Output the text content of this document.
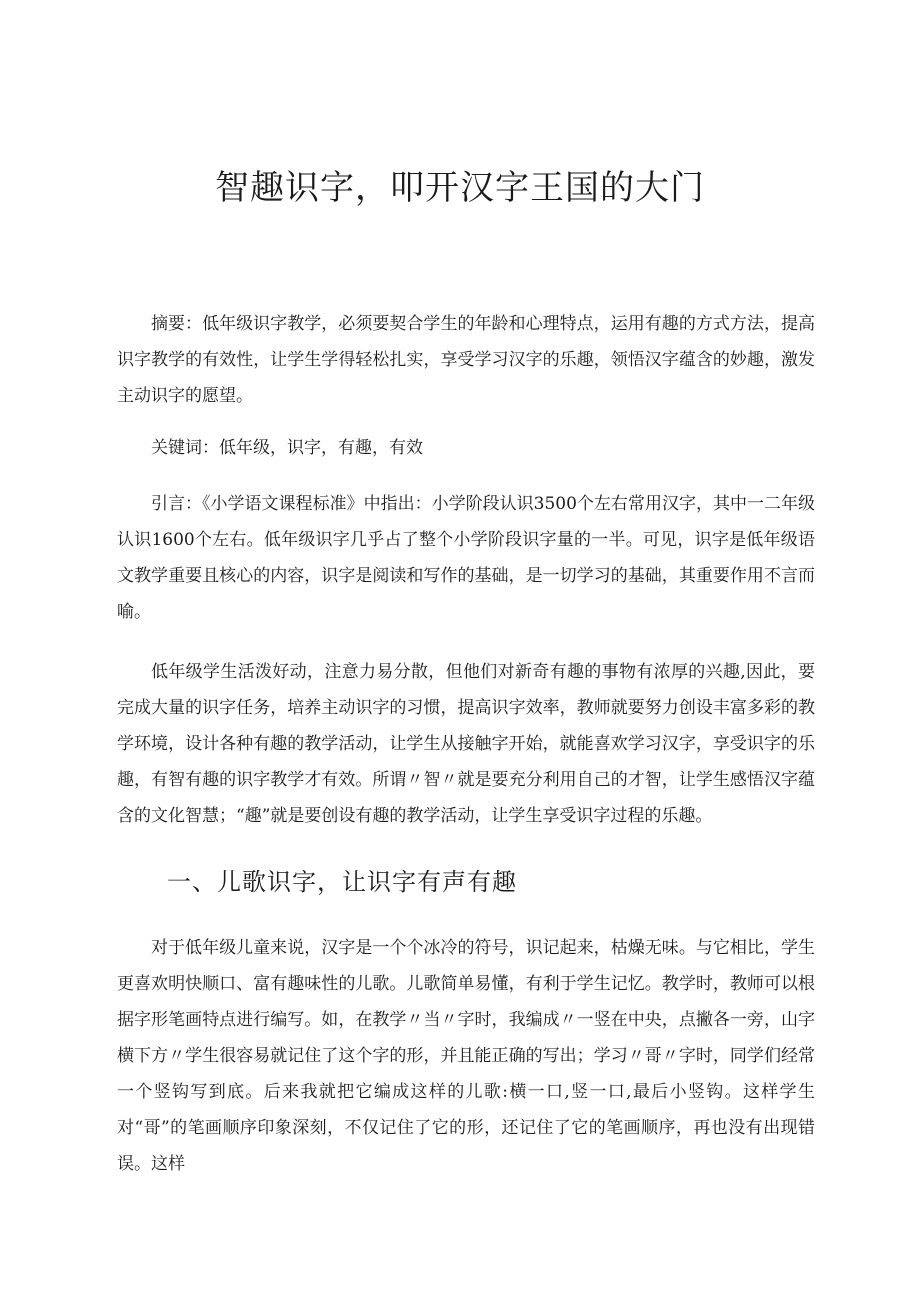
智趣识字，叩开汉字王国的大门

摘要：低年级识字教学，必须要契合学生的年龄和心理特点，运用有趣的方式方法，提高识字教学的有效性，让学生学得轻松扎实，享受学习汉字的乐趣，领悟汉字蕴含的妙趣，激发主动识字的愿望。

关键词：低年级，识字，有趣，有效

引言：《小学语文课程标准》中指出：小学阶段认识3500个左右常用汉字，其中一二年级认识1600个左右。低年级识字几乎占了整个小学阶段识字量的一半。可见，识字是低年级语文教学重要且核心的内容，识字是阅读和写作的基础，是一切学习的基础，其重要作用不言而喻。

低年级学生活泼好动，注意力易分散，但他们对新奇有趣的事物有浓厚的兴趣,因此，要完成大量的识字任务，培养主动识字的习惯，提高识字效率，教师就要努力创设丰富多彩的教学环境，设计各种有趣的教学活动，让学生从接触字开始，就能喜欢学习汉字，享受识字的乐趣，有智有趣的识字教学才有效。所谓〃智〃就是要充分利用自己的才智，让学生感悟汉字蕴含的文化智慧；“趣”就是要创设有趣的教学活动，让学生享受识字过程的乐趣。

一、儿歌识字，让识字有声有趣

对于低年级儿童来说，汉字是一个个冰冷的符号，识记起来，枯燥无味。与它相比，学生更喜欢明快顺口、富有趣味性的儿歌。儿歌简单易懂，有利于学生记忆。教学时，教师可以根据字形笔画特点进行编写。如，在教学〃当〃字时，我编成〃一竖在中央，点撇各一旁，山字横下方〃学生很容易就记住了这个字的形，并且能正确的写出；学习〃哥〃字时，同学们经常一个竖钩写到底。后来我就把它编成这样的儿歌:横一口,竖一口,最后小竖钩。这样学生对“哥”的笔画顺序印象深刻，不仅记住了它的形，还记住了它的笔画顺序，再也没有出现错误。这样
